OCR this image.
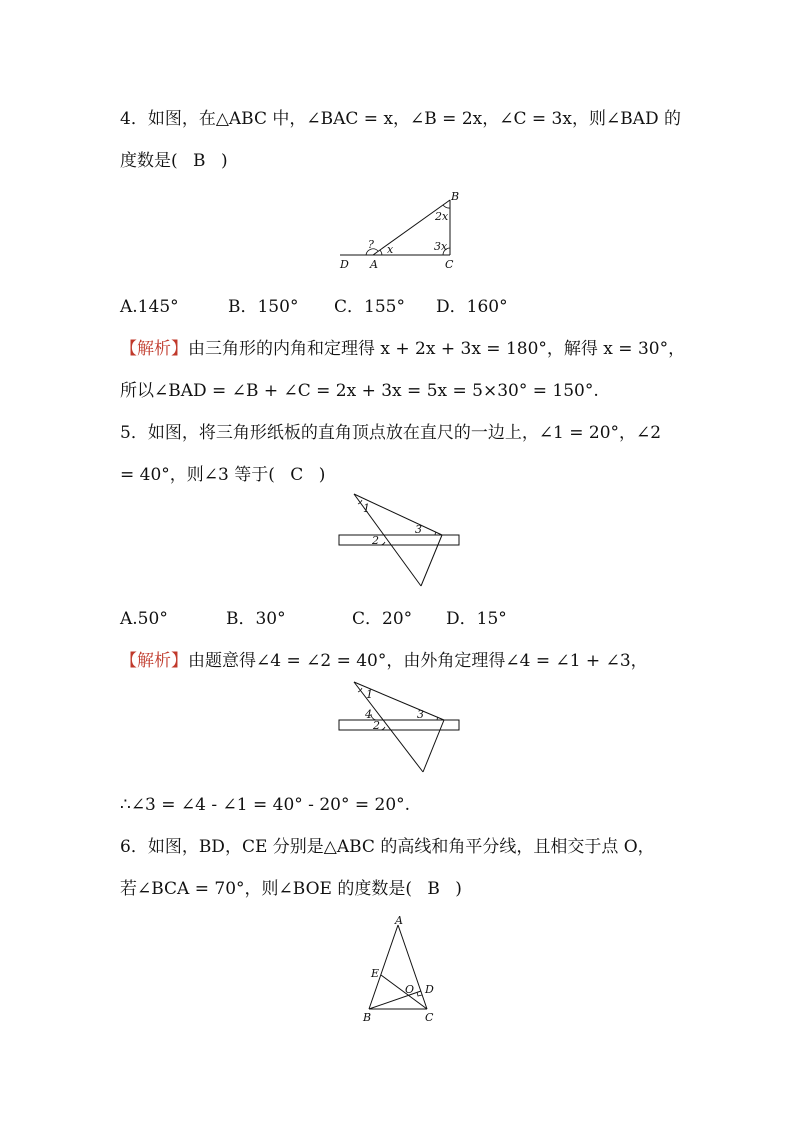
4．如图，在△ABC 中，∠BAC = x，∠B = 2x，∠C = 3x，则∠BAD 的
度数是( B )
B
2x
3x
x
?
D A	C
A.145°	B．150° C．155° D．160°
【解析】由三角形的内角和定理得 x + 2x + 3x = 180°，解得 x = 30°，
所以∠BAD = ∠B + ∠C = 2x + 3x = 5x = 5×30° = 150°.
5．如图，将三角形纸板的直角顶点放在直尺的一边上，∠1 = 20°，∠2
= 40°，则∠3 等于( C )
1
3
2
A.50°	B．30°	C．20° D．15°
【解析】由题意得∠4 = ∠2 = 40°，由外角定理得∠4 = ∠1 + ∠3，
1
4	3
2
∴∠3 = ∠4 - ∠1 = 40° - 20° = 20°.
6．如图，BD，CE 分别是△ABC 的高线和角平分线，且相交于点 O，
若∠BCA = 70°，则∠BOE 的度数是( B )
A
E
O D
B	C
